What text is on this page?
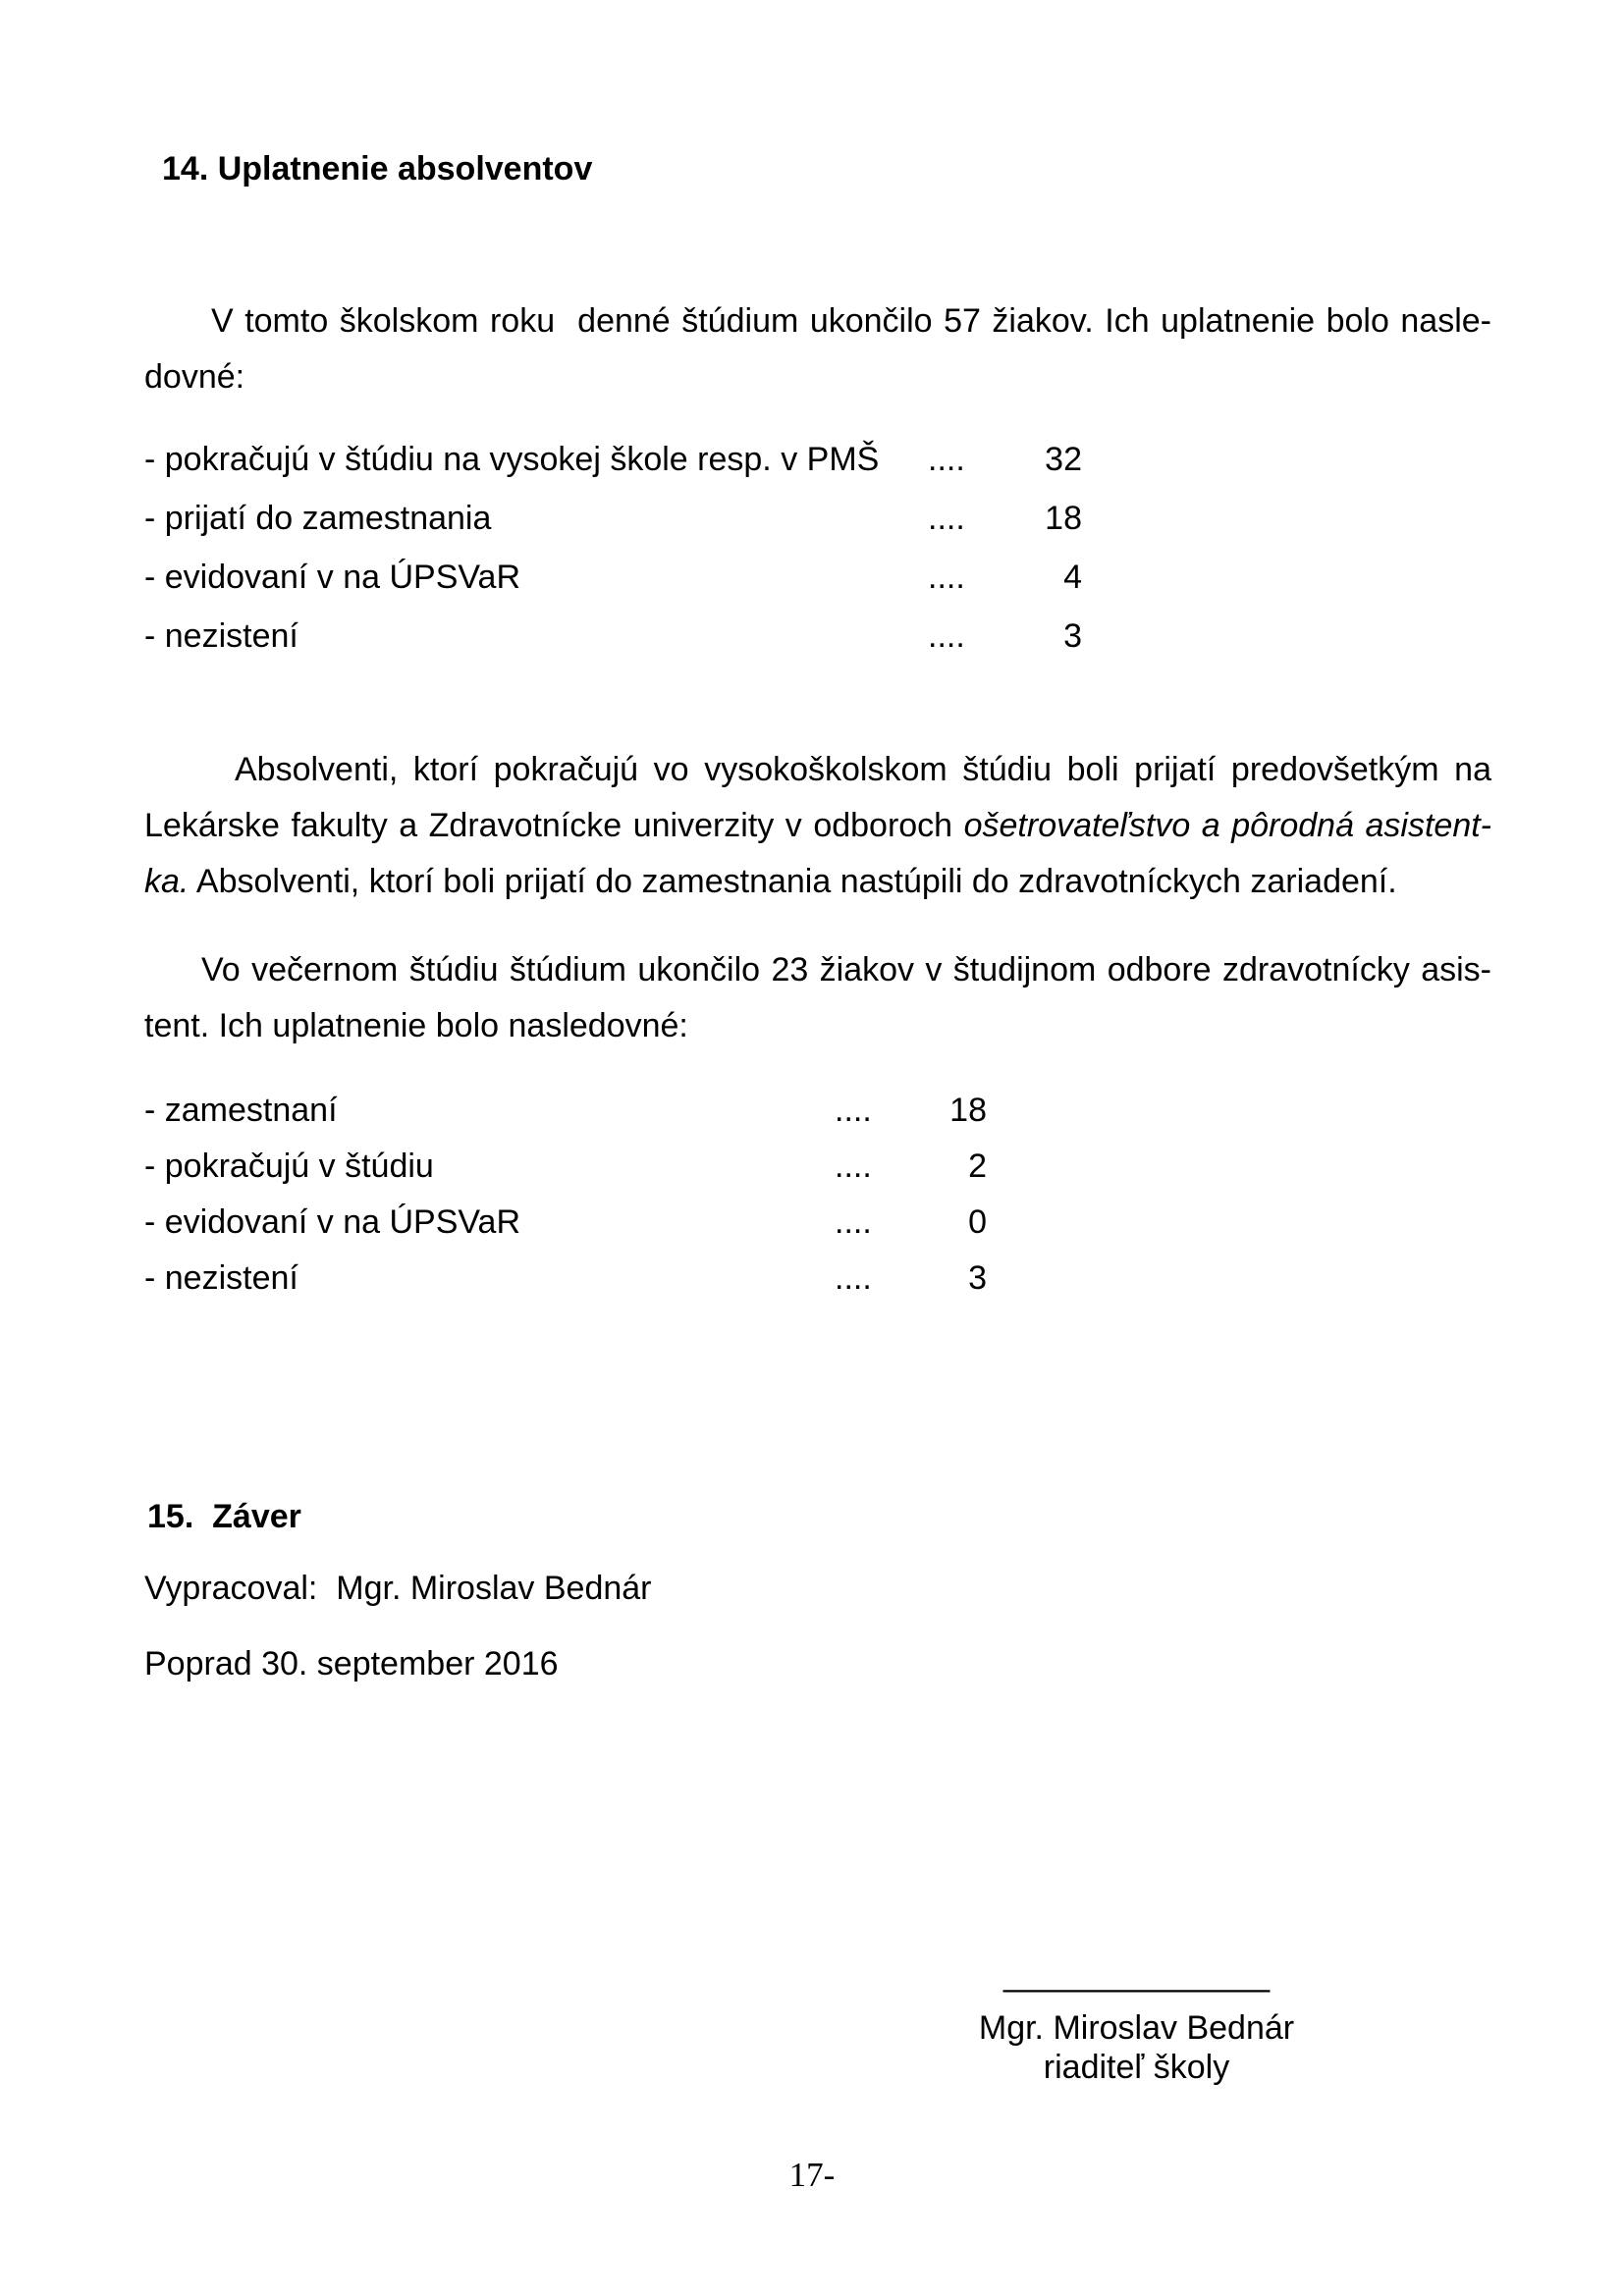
14. Uplatnenie absolventov
V tomto školskom roku  denné štúdium ukončilo 57 žiakov. Ich uplatnenie bolo nasle-
dovné:
- pokračujú v štúdiu na vysokej škole resp. v PMŠ	....	32
- prijatí do zamestnania	....	18
- evidovaní v na ÚPSVaR	....	4
- nezistení	....	3
Absolventi, ktorí pokračujú vo vysokoškolskom štúdiu boli prijatí predovšetkým na
Lekárske fakulty a Zdravotnícke univerzity v odboroch ošetrovateľstvo a pôrodná asistent-
ka. Absolventi, ktorí boli prijatí do zamestnania nastúpili do zdravotníckych zariadení.
Vo večernom štúdiu štúdium ukončilo 23 žiakov v študijnom odbore zdravotnícky asis-
tent. Ich uplatnenie bolo nasledovné:
- zamestnaní	....	18
- pokračujú v štúdiu	....	2
- evidovaní v na ÚPSVaR	....	0
- nezistení	....	3
15.  Záver
Vypracoval:  Mgr. Miroslav Bednár
Poprad 30. september 2016
————————
Mgr. Miroslav Bednár
riaditeľ školy
17-
